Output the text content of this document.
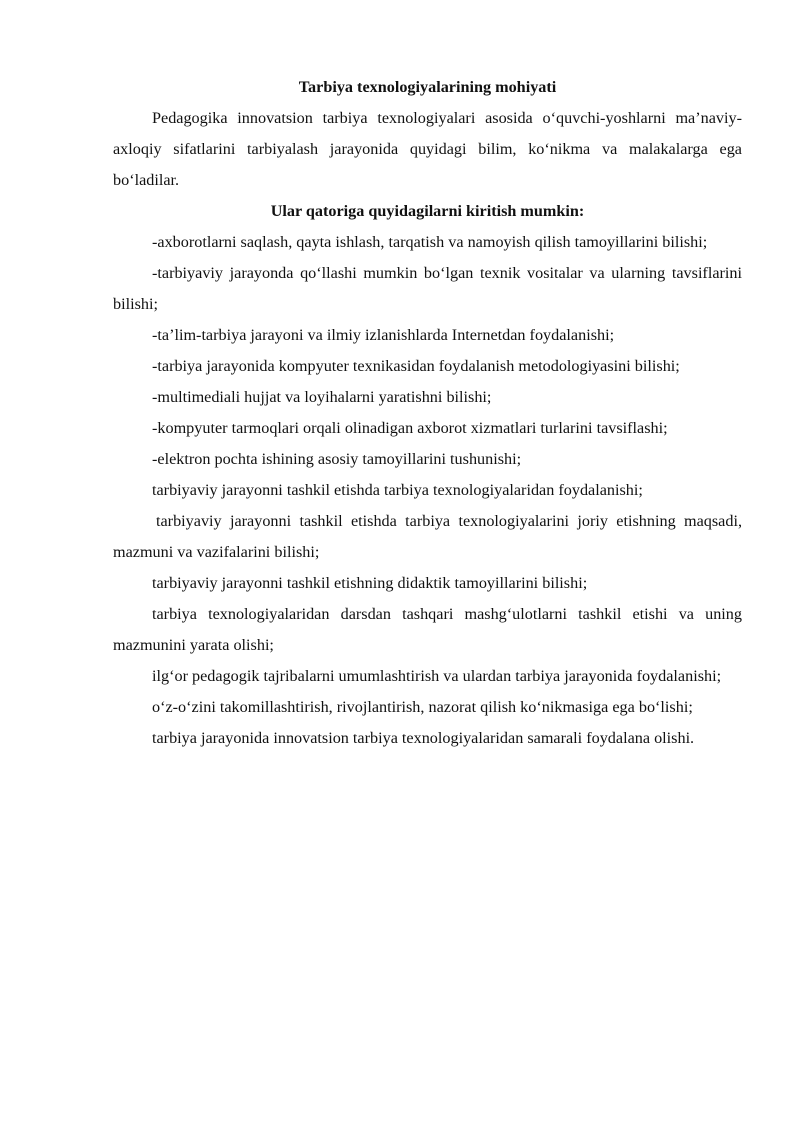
Tarbiya texnologiyalarining mohiyati

Pedagogika innovatsion tarbiya texnologiyalari asosida o‘quvchi-yoshlarni ma’naviy-axloqiy sifatlarini tarbiyalash jarayonida quyidagi bilim, ko‘nikma va malakalarga ega bo‘ladilar.

Ular qatoriga quyidagilarni kiritish mumkin:

-axborotlarni saqlash, qayta ishlash, tarqatish va namoyish qilish tamoyillarini bilishi;

-tarbiyaviy jarayonda qo‘llashi mumkin bo‘lgan texnik vositalar va ularning tavsiflarini bilishi;

-ta’lim-tarbiya jarayoni va ilmiy izlanishlarda Internetdan foydalanishi;

-tarbiya jarayonida kompyuter texnikasidan foydalanish metodologiyasini bilishi;

-multimediali hujjat va loyihalarni yaratishni bilishi;

-kompyuter tarmoqlari orqali olinadigan axborot xizmatlari turlarini tavsiflashi;

-elektron pochta ishining asosiy tamoyillarini tushunishi;

tarbiyaviy jarayonni tashkil etishda tarbiya texnologiyalaridan foydalanishi;

tarbiyaviy jarayonni tashkil etishda tarbiya texnologiyalarini joriy etishning maqsadi, mazmuni va vazifalarini bilishi;

tarbiyaviy jarayonni tashkil etishning didaktik tamoyillarini bilishi;

tarbiya texnologiyalaridan darsdan tashqari mashg‘ulotlarni tashkil etishi va uning mazmunini yarata olishi;

ilg‘or pedagogik tajribalarni umumlashtirish va ulardan tarbiya jarayonida foydalanishi;

o‘z-o‘zini takomillashtirish, rivojlantirish, nazorat qilish ko‘nikmasiga ega bo‘lishi;

tarbiya jarayonida innovatsion tarbiya texnologiyalaridan samarali foydalana olishi.
